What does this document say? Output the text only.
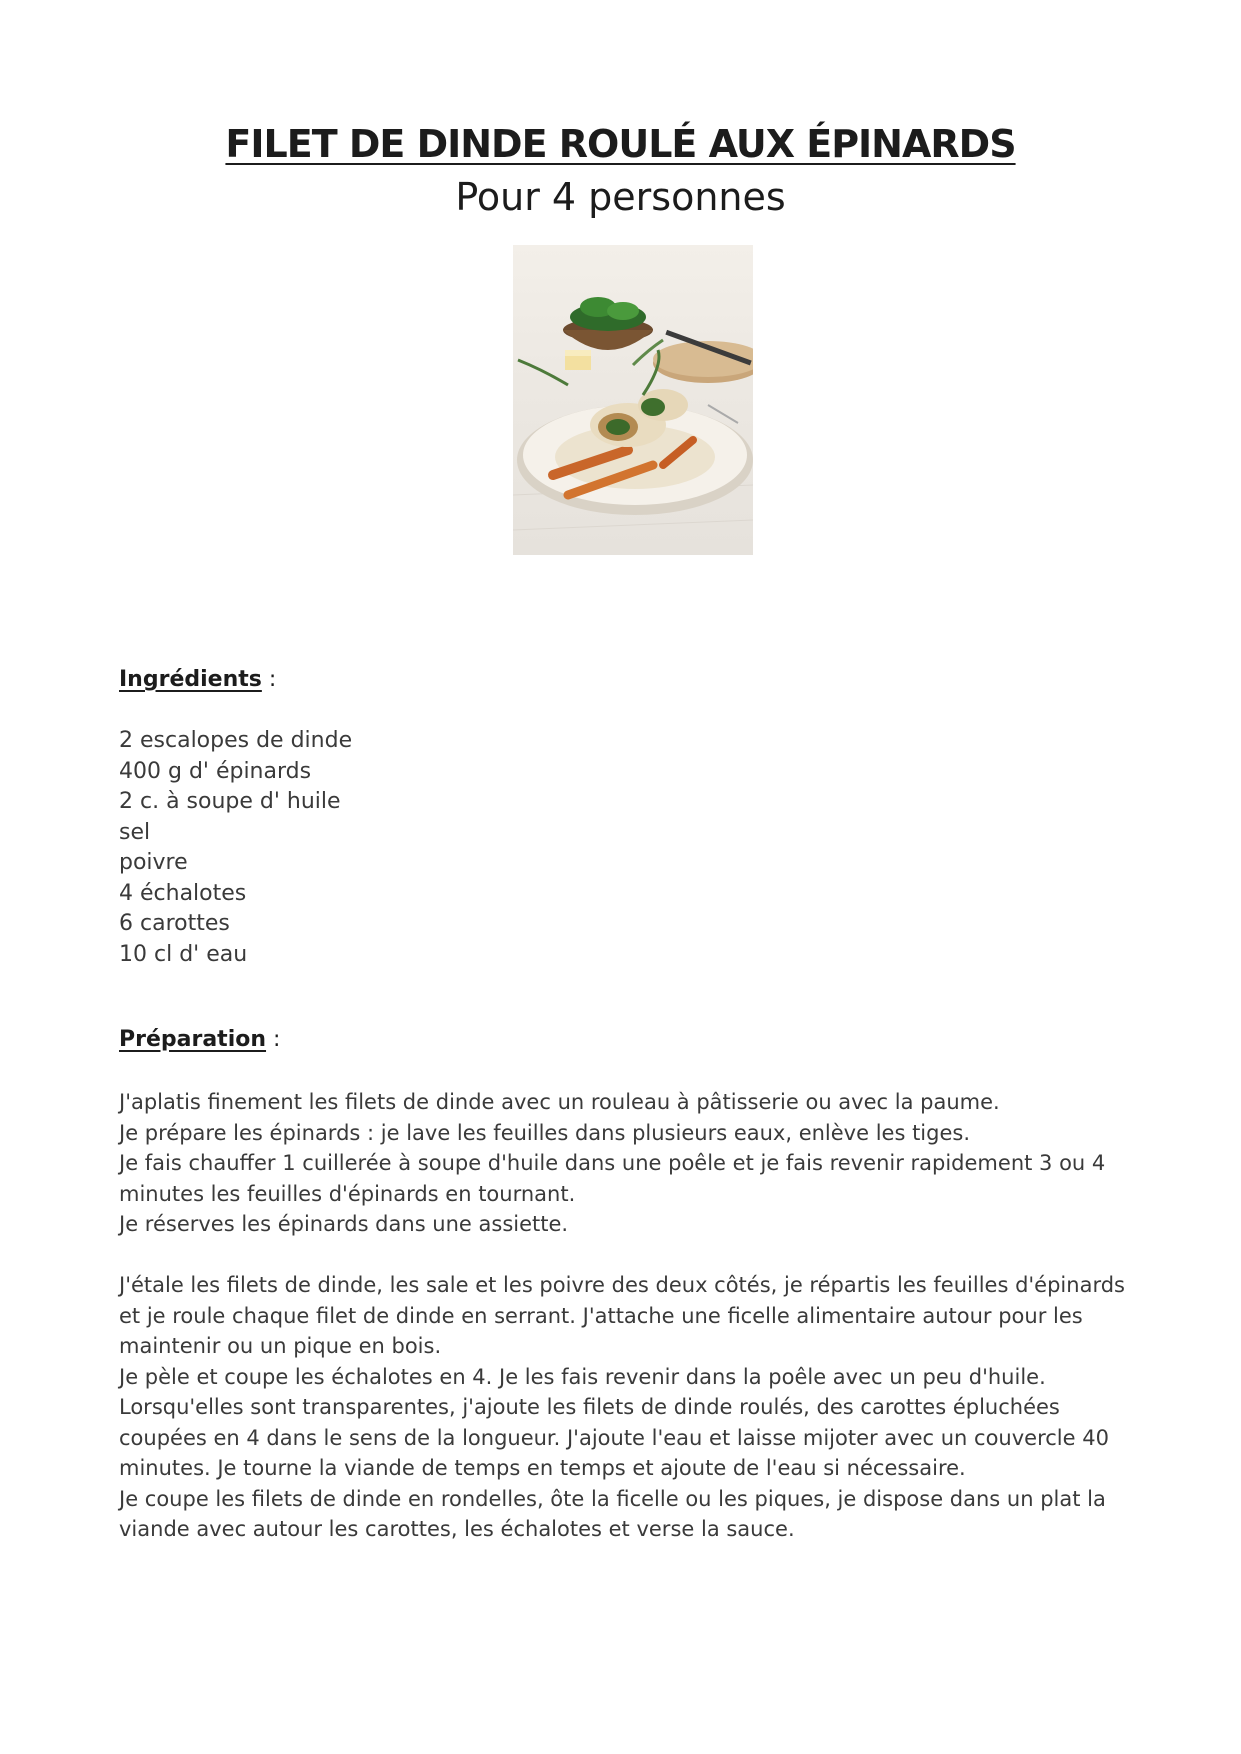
FILET DE DINDE ROULÉ AUX ÉPINARDS
Pour 4 personnes
Ingrédients :
2 escalopes de dinde
400 g d' épinards
2 c. à soupe d' huile
sel
poivre
4 échalotes
6 carottes
10 cl d' eau
Préparation :

J'aplatis finement les filets de dinde avec un rouleau à pâtisserie ou avec la paume.

Je prépare les épinards : je lave les feuilles dans plusieurs eaux, enlève les tiges.

Je fais chauffer 1 cuillerée à soupe d'huile dans une poêle et je fais revenir rapidement 3 ou 4 minutes les feuilles d'épinards en tournant.

Je réserves les épinards dans une assiette.

J'étale les filets de dinde, les sale et les poivre des deux côtés, je répartis les feuilles d'épinards et je roule chaque filet de dinde en serrant. J'attache une ficelle alimentaire autour pour les maintenir ou un pique en bois.

Je pèle et coupe les échalotes en 4. Je les fais revenir dans la poêle avec un peu d'huile. Lorsqu'elles sont transparentes, j'ajoute les filets de dinde roulés, des carottes épluchées coupées en 4 dans le sens de la longueur. J'ajoute l'eau et laisse mijoter avec un couvercle 40 minutes. Je tourne la viande de temps en temps et ajoute de l'eau si nécessaire.

Je coupe les filets de dinde en rondelles, ôte la ficelle ou les piques, je dispose dans un plat la viande avec autour les carottes, les échalotes et verse la sauce.
